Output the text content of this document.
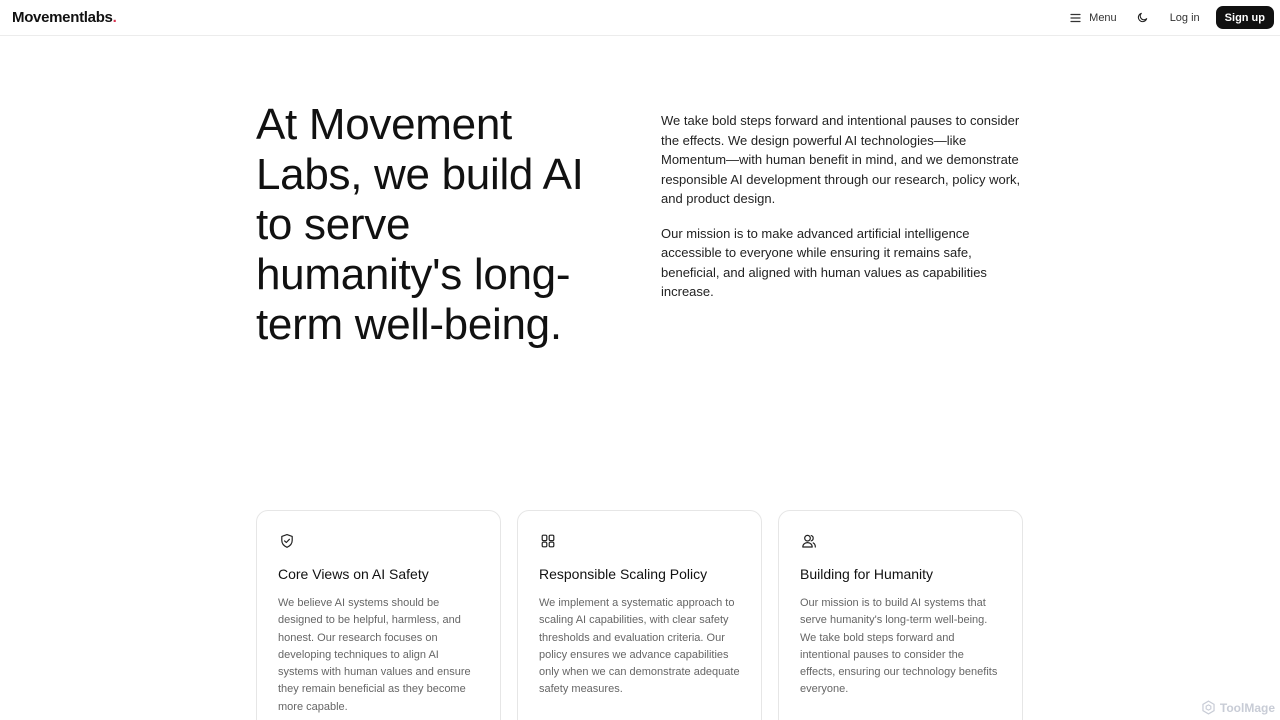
Movementlabs.	Menu	Log in	Sign up
At Movement Labs, we build AI to serve humanity's long-term well-being.

We take bold steps forward and intentional pauses to consider the effects. We design powerful AI technologies—like Momentum—with human benefit in mind, and we demonstrate responsible AI development through our research, policy work, and product design.

Our mission is to make advanced artificial intelligence accessible to everyone while ensuring it remains safe, beneficial, and aligned with human values as capabilities increase.

Core Views on AI Safety

We believe AI systems should be designed to be helpful, harmless, and honest. Our research focuses on developing techniques to align AI systems with human values and ensure they remain beneficial as they become more capable.

Responsible Scaling Policy

We implement a systematic approach to scaling AI capabilities, with clear safety thresholds and evaluation criteria. Our policy ensures we advance capabilities only when we can demonstrate adequate safety measures.

Building for Humanity

Our mission is to build AI systems that serve humanity's long-term well-being. We take bold steps forward and intentional pauses to consider the effects, ensuring our technology benefits everyone.

ToolMage
